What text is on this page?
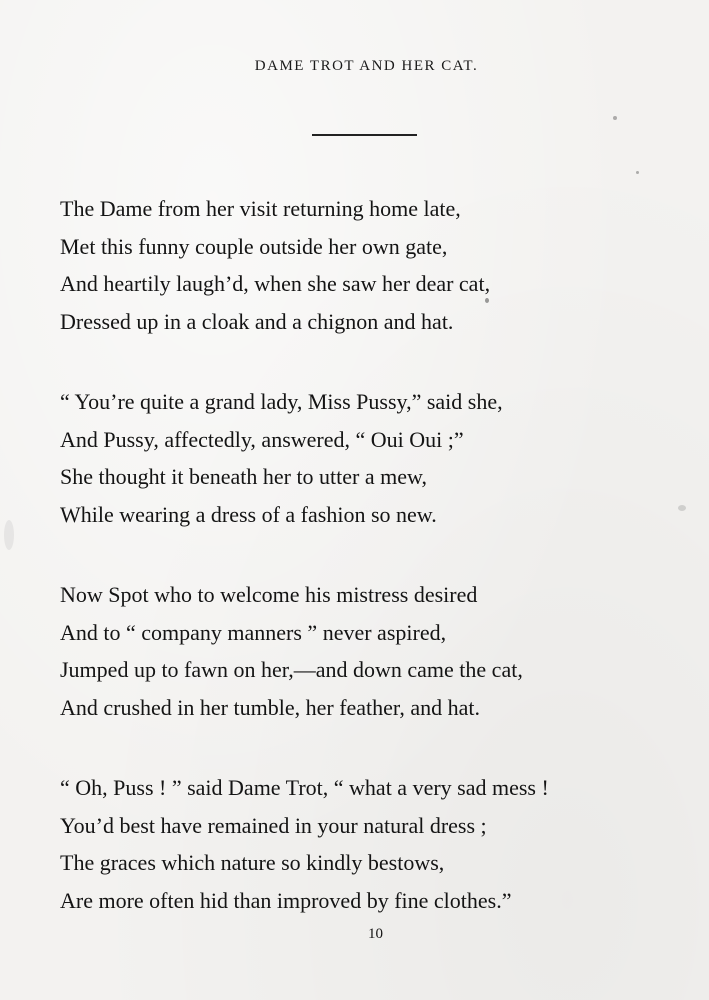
DAME TROT AND HER CAT.
The Dame from her visit returning home late,
Met this funny couple outside her own gate,
And heartily laugh’d, when she saw her dear cat,
Dressed up in a cloak and a chignon and hat.
“ You’re quite a grand lady, Miss Pussy,” said she,
And Pussy, affectedly, answered, “ Oui Oui ;”
She thought it beneath her to utter a mew,
While wearing a dress of a fashion so new.
Now Spot who to welcome his mistress desired
And to “ company manners ” never aspired,
Jumped up to fawn on her,—and down came the cat,
And crushed in her tumble, her feather, and hat.
“ Oh, Puss ! ” said Dame Trot, “ what a very sad mess !
You’d best have remained in your natural dress ;
The graces which nature so kindly bestows,
Are more often hid than improved by fine clothes.”
10
